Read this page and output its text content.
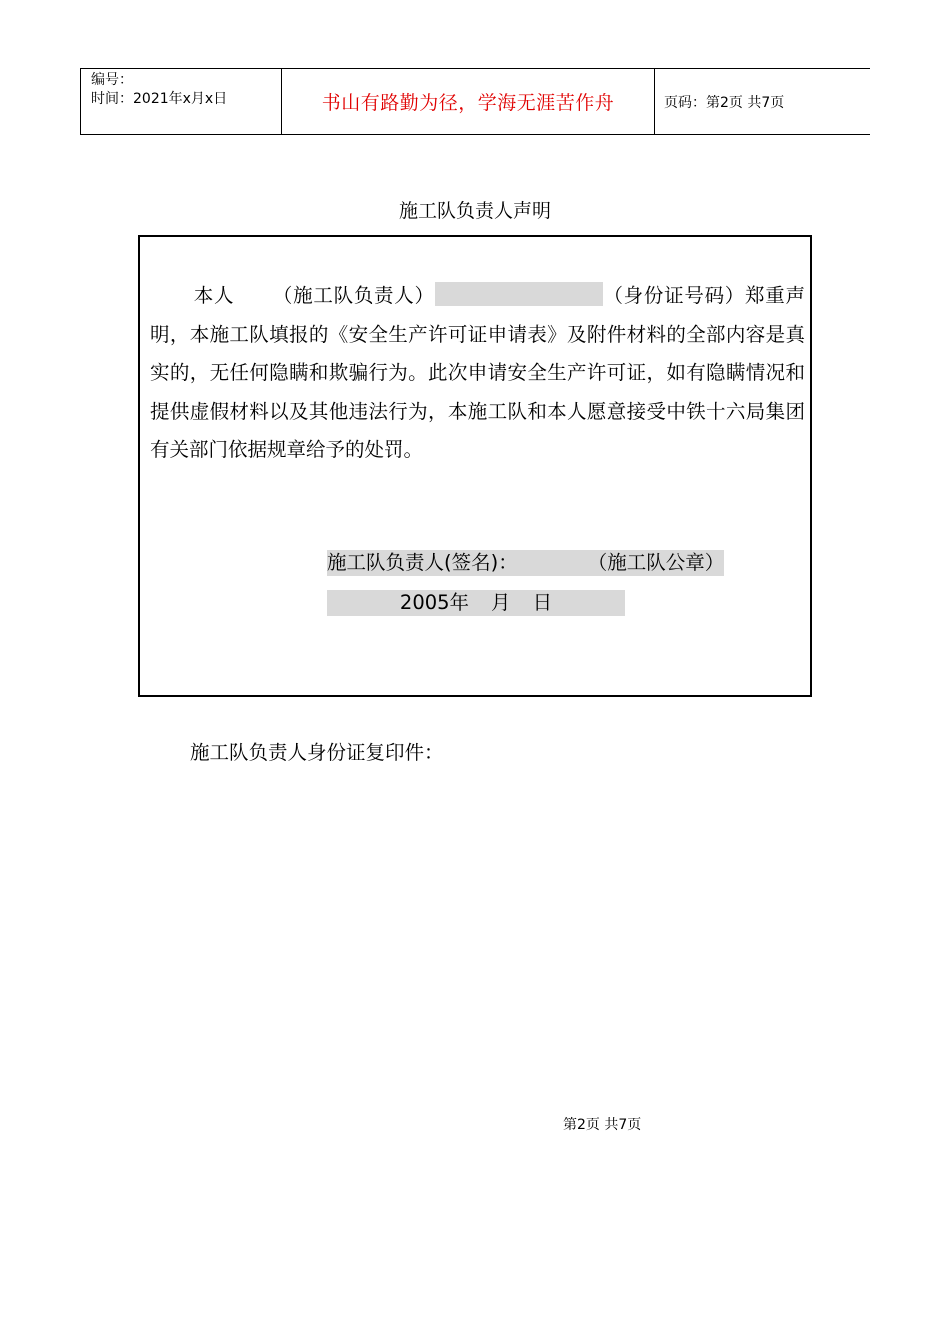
编号：
时间：2021年x月x日	书山有路勤为径，学海无涯苦作舟	页码：第2页 共7页
施工队负责人声明
本人 （施工队负责人）	（身份证号码）郑重声明，本施工队填报的《安全生产许可证申请表》及附件材料的全部内容是真实的，无任何隐瞒和欺骗行为。此次申请安全生产许可证，如有隐瞒情况和提供虚假材料以及其他违法行为，本施工队和本人愿意接受中铁十六局集团有关部门依据规章给予的处罚。
施工队负责人(签名)：	（施工队公章）
2005年 月 日
施工队负责人身份证复印件：
第2页 共7页
